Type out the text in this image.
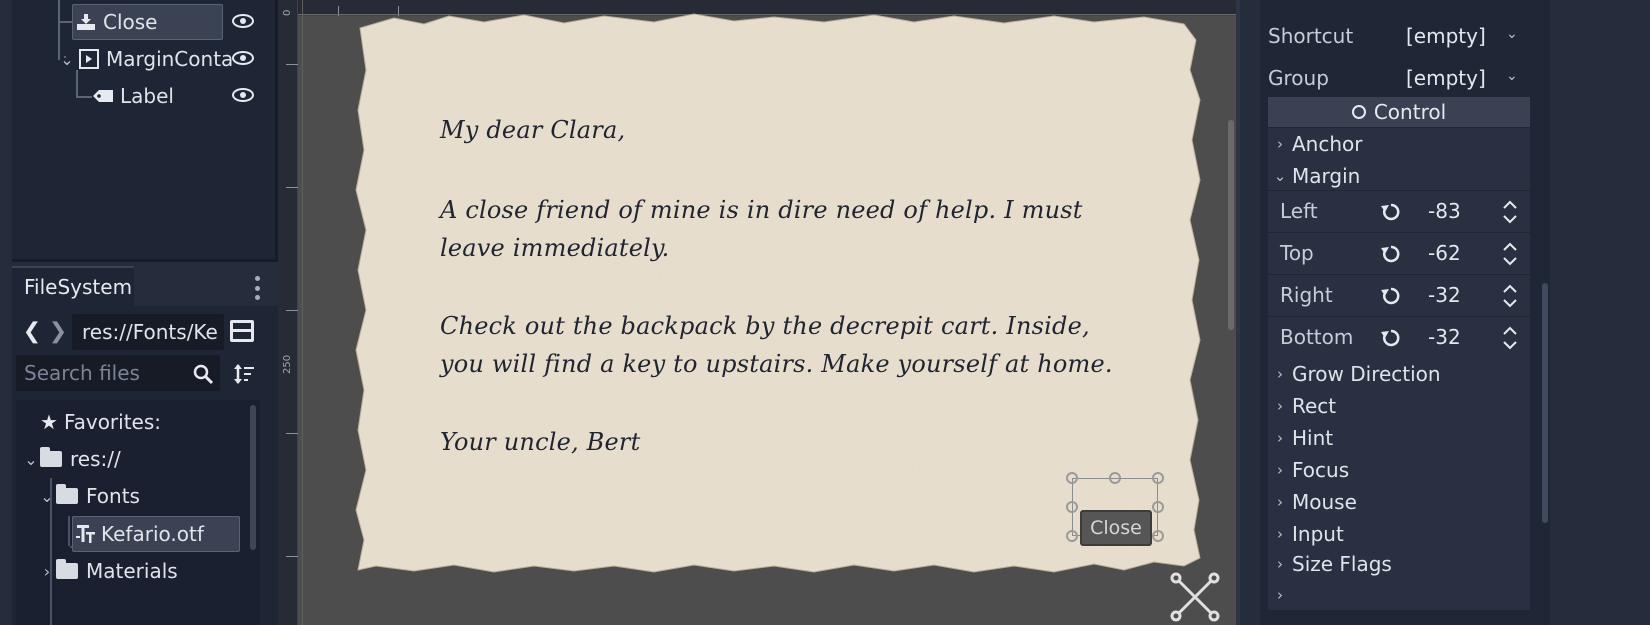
Close
⌄ MarginConta
Label
FileSystem
❮ ❯ res://Fonts/Ke
Search files
★ Favorites:
⌄ res://
⌄ Fonts
Kefario.otf
› Materials
0
250
My dear Clara,
A close friend of mine is in dire need of help. I must
leave immediately.
Check out the backpack by the decrepit cart. Inside,
you will find a key to upstairs. Make yourself at home.
Your uncle, Bert
Close
Shortcut	[empty] ⌄
Group	[empty] ⌄
Control
› Anchor
⌄ Margin
Left	-83
Top	-62
Right	-32
Bottom	-32
› Grow Direction
› Rect
› Hint
› Focus
› Mouse
› Input
› Size Flags
›
